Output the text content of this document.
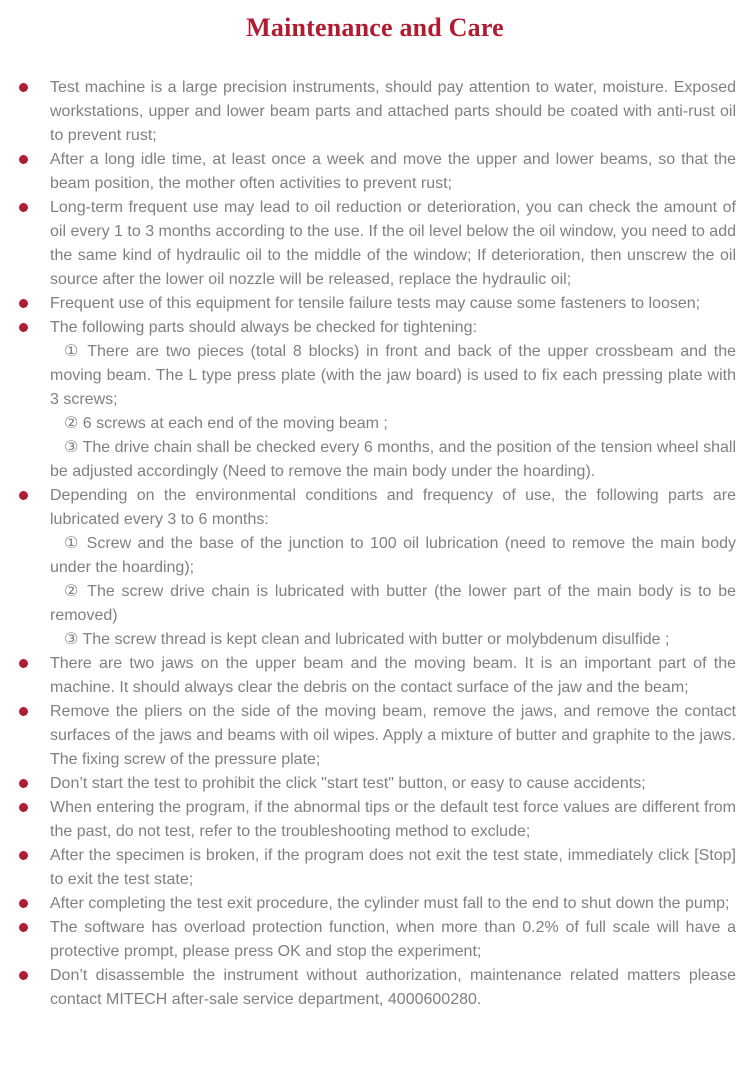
Maintenance and Care

Test machine is a large precision instruments, should pay attention to water, moisture. Exposed workstations, upper and lower beam parts and attached parts should be coated with anti-rust oil to prevent rust;

After a long idle time, at least once a week and move the upper and lower beams, so that the beam position, the mother often activities to prevent rust;

Long-term frequent use may lead to oil reduction or deterioration, you can check the amount of oil every 1 to 3 months according to the use. If the oil level below the oil window, you need to add the same kind of hydraulic oil to the middle of the window; If deterioration, then unscrew the oil source after the lower oil nozzle will be released, replace the hydraulic oil;

Frequent use of this equipment for tensile failure tests may cause some fasteners to loosen;

The following parts should always be checked for tightening:

① There are two pieces (total 8 blocks) in front and back of the upper crossbeam and the moving beam. The L type press plate (with the jaw board) is used to fix each pressing plate with 3 screws;

② 6 screws at each end of the moving beam ;

③ The drive chain shall be checked every 6 months, and the position of the tension wheel shall be adjusted accordingly (Need to remove the main body under the hoarding).

Depending on the environmental conditions and frequency of use, the following parts are lubricated every 3 to 6 months:

① Screw and the base of the junction to 100 oil lubrication (need to remove the main body under the hoarding);

② The screw drive chain is lubricated with butter (the lower part of the main body is to be removed)

③ The screw thread is kept clean and lubricated with butter or molybdenum disulfide ;

There are two jaws on the upper beam and the moving beam. It is an important part of the machine. It should always clear the debris on the contact surface of the jaw and the beam;

Remove the pliers on the side of the moving beam, remove the jaws, and remove the contact surfaces of the jaws and beams with oil wipes. Apply a mixture of butter and graphite to the jaws. The fixing screw of the pressure plate;

Don’t start the test to prohibit the click "start test" button, or easy to cause accidents;

When entering the program, if the abnormal tips or the default test force values are different from the past, do not test, refer to the troubleshooting method to exclude;

After the specimen is broken, if the program does not exit the test state, immediately click [Stop] to exit the test state;

After completing the test exit procedure, the cylinder must fall to the end to shut down the pump;

The software has overload protection function, when more than 0.2% of full scale will have a protective prompt, please press OK and stop the experiment;

Don’t disassemble the instrument without authorization, maintenance related matters please contact MITECH after-sale service department, 4000600280.
